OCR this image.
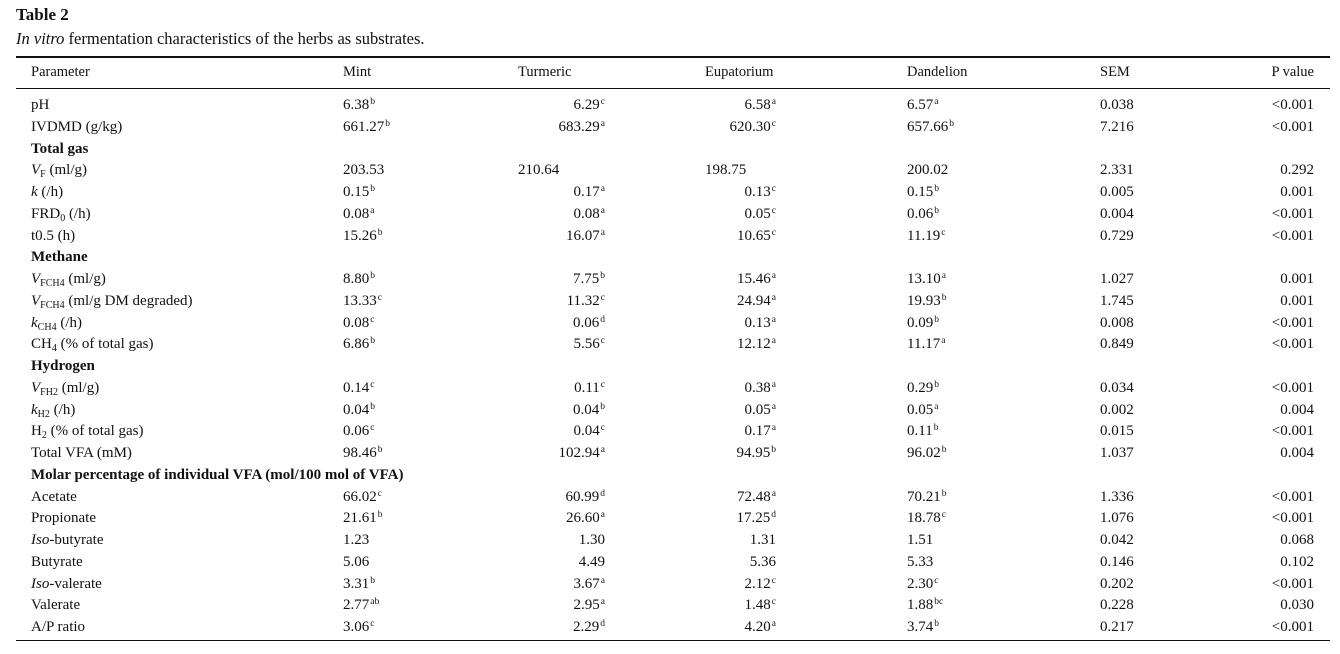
Table 2
In vitro fermentation characteristics of the herbs as substrates.
Parameter	Mint	Turmeric	Eupatorium	Dandelion	SEM	P value
pH	6.38$^b$	6.29$^c$	6.58$^a$	6.57$^a$	0.038	<0.001
IVDMD (g/kg)	661.27$^b$	683.29$^a$	620.30$^c$	657.66$^b$	7.216	<0.001
Total gas
$V_F$ (ml/g)	203.53	210.64	198.75	200.02	2.331	0.292
k (/h)	0.15$^b$	0.17$^a$	0.13$^c$	0.15$^b$	0.005	0.001
$FRD_0$ (/h)	0.08$^a$	0.08$^a$	0.05$^c$	0.06$^b$	0.004	<0.001
t0.5 (h)	15.26$^b$	16.07$^a$	10.65$^c$	11.19$^c$	0.729	<0.001
Methane
$V_{FCH4}$ (ml/g)	8.80$^b$	7.75$^b$	15.46$^a$	13.10$^a$	1.027	0.001
$V_{FCH4}$ (ml/g DM degraded)	13.33$^c$	11.32$^c$	24.94$^a$	19.93$^b$	1.745	0.001
$k_{CH4}$ (/h)	0.08$^c$	0.06$^d$	0.13$^a$	0.09$^b$	0.008	<0.001
$CH_4$ (% of total gas)	6.86$^b$	5.56$^c$	12.12$^a$	11.17$^a$	0.849	<0.001
Hydrogen
$V_{FH2}$ (ml/g)	0.14$^c$	0.11$^c$	0.38$^a$	0.29$^b$	0.034	<0.001
$k_{H2}$ (/h)	0.04$^b$	0.04$^b$	0.05$^a$	0.05$^a$	0.002	0.004
$H_2$ (% of total gas)	0.06$^c$	0.04$^c$	0.17$^a$	0.11$^b$	0.015	<0.001
Total VFA (mM)	98.46$^b$	102.94$^a$	94.95$^b$	96.02$^b$	1.037	0.004
Molar percentage of individual VFA (mol/100 mol of VFA)
Acetate	66.02$^c$	60.99$^d$	72.48$^a$	70.21$^b$	1.336	<0.001
Propionate	21.61$^b$	26.60$^a$	17.25$^d$	18.78$^c$	1.076	<0.001
Iso-butyrate	1.23	1.30	1.31	1.51	0.042	0.068
Butyrate	5.06	4.49	5.36	5.33	0.146	0.102
Iso-valerate	3.31$^b$	3.67$^a$	2.12$^c$	2.30$^c$	0.202	<0.001
Valerate	2.77$^{ab}$	2.95$^a$	1.48$^c$	1.88$^{bc}$	0.228	0.030
A/P ratio	3.06$^c$	2.29$^d$	4.20$^a$	3.74$^b$	0.217	<0.001
